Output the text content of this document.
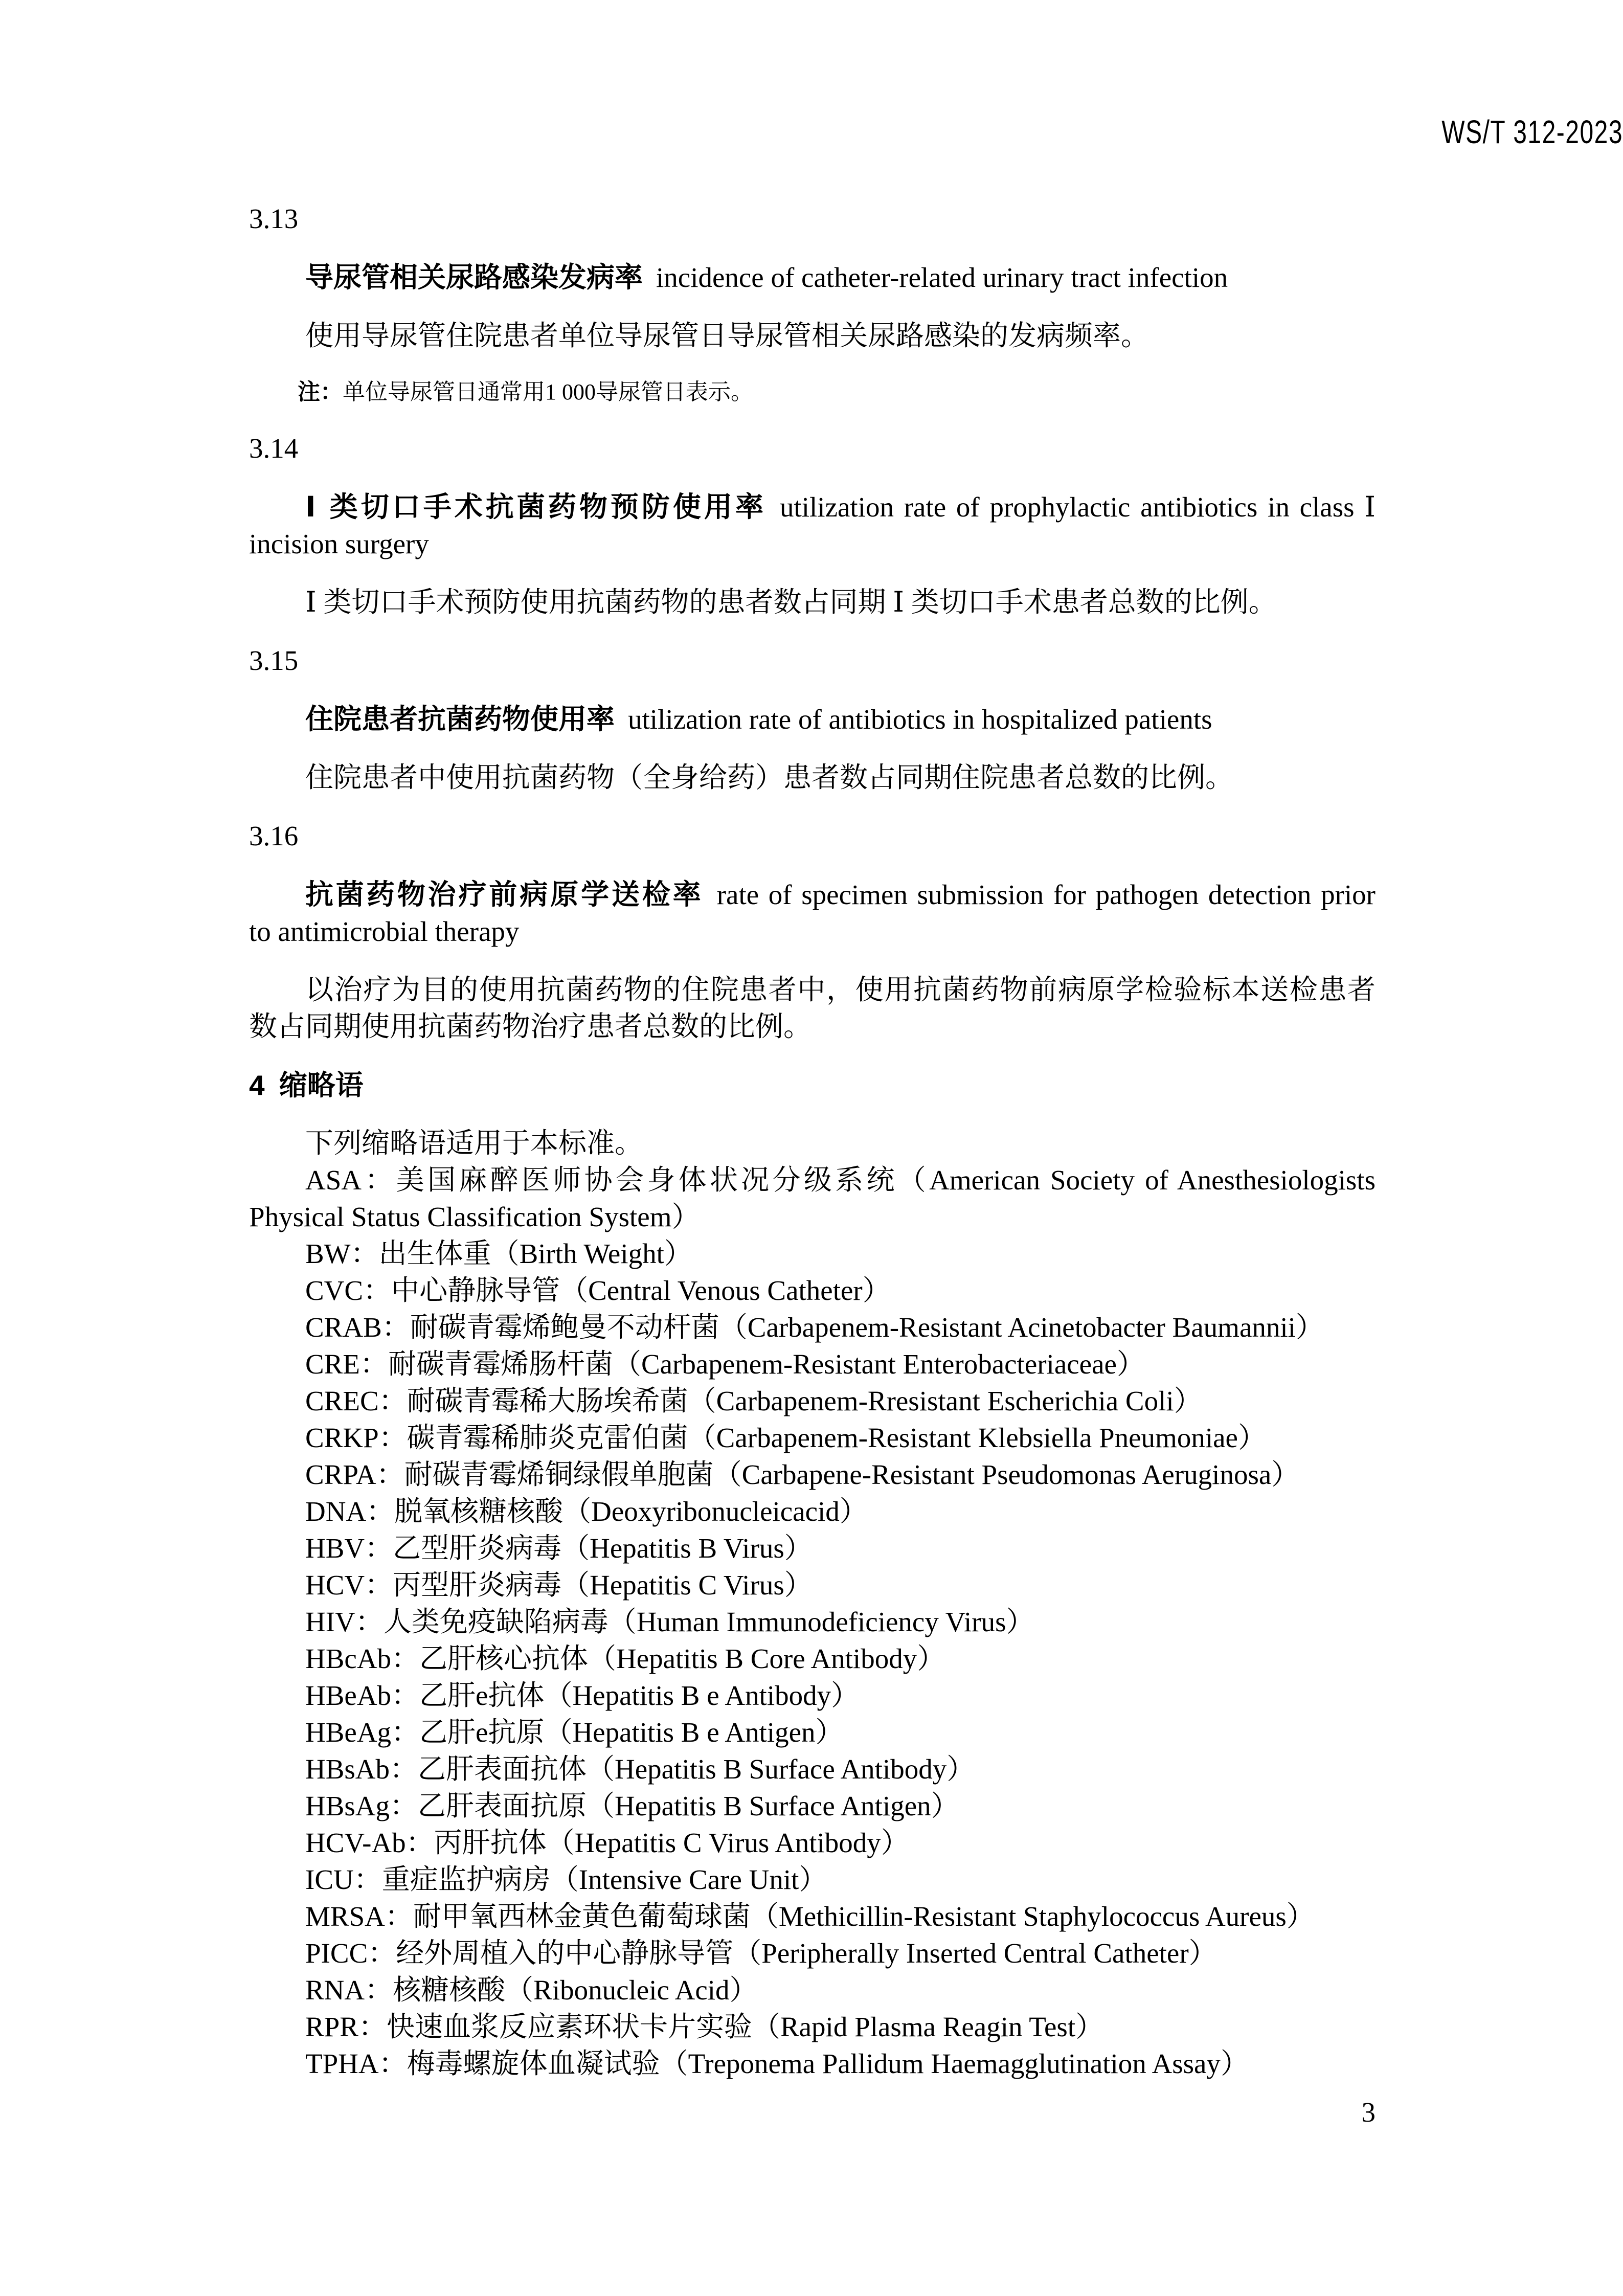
WS/T 312-2023
3.13
导尿管相关尿路感染发病率 incidence of catheter-related urinary tract infection
使用导尿管住院患者单位导尿管日导尿管相关尿路感染的发病频率。
注：单位导尿管日通常用1 000导尿管日表示。
3.14
Ⅰ 类切口手术抗菌药物预防使用率 utilization rate of prophylactic antibiotics in class Ⅰ
incision surgery
Ⅰ 类切口手术预防使用抗菌药物的患者数占同期 Ⅰ 类切口手术患者总数的比例。
3.15
住院患者抗菌药物使用率 utilization rate of antibiotics in hospitalized patients
住院患者中使用抗菌药物（全身给药）患者数占同期住院患者总数的比例。
3.16
抗菌药物治疗前病原学送检率 rate of specimen submission for pathogen detection prior
to antimicrobial therapy
以治疗为目的使用抗菌药物的住院患者中，使用抗菌药物前病原学检验标本送检患者
数占同期使用抗菌药物治疗患者总数的比例。
4 缩略语
下列缩略语适用于本标准。
ASA：美国麻醉医师协会身体状况分级系统（American Society of Anesthesiologists
Physical Status Classification System）
BW：出生体重（Birth Weight）
CVC：中心静脉导管（Central Venous Catheter）
CRAB：耐碳青霉烯鲍曼不动杆菌（Carbapenem-Resistant Acinetobacter Baumannii）
CRE：耐碳青霉烯肠杆菌（Carbapenem-Resistant Enterobacteriaceae）
CREC：耐碳青霉稀大肠埃希菌（Carbapenem-Rresistant Escherichia Coli）
CRKP：碳青霉稀肺炎克雷伯菌（Carbapenem-Resistant Klebsiella Pneumoniae）
CRPA：耐碳青霉烯铜绿假单胞菌（Carbapene-Resistant Pseudomonas Aeruginosa）
DNA：脱氧核糖核酸（Deoxyribonucleicacid）
HBV：乙型肝炎病毒（Hepatitis B Virus）
HCV：丙型肝炎病毒（Hepatitis C Virus）
HIV：人类免疫缺陷病毒（Human Immunodeficiency Virus）
HBcAb：乙肝核心抗体（Hepatitis B Core Antibody）
HBeAb：乙肝e抗体（Hepatitis B e Antibody）
HBeAg：乙肝e抗原（Hepatitis B e Antigen）
HBsAb：乙肝表面抗体（Hepatitis B Surface Antibody）
HBsAg：乙肝表面抗原（Hepatitis B Surface Antigen）
HCV-Ab：丙肝抗体（Hepatitis C Virus Antibody）
ICU：重症监护病房（Intensive Care Unit）
MRSA：耐甲氧西林金黄色葡萄球菌（Methicillin-Resistant Staphylococcus Aureus）
PICC：经外周植入的中心静脉导管（Peripherally Inserted Central Catheter）
RNA：核糖核酸（Ribonucleic Acid）
RPR：快速血浆反应素环状卡片实验（Rapid Plasma Reagin Test）
TPHA：梅毒螺旋体血凝试验（Treponema Pallidum Haemagglutination Assay）
3
